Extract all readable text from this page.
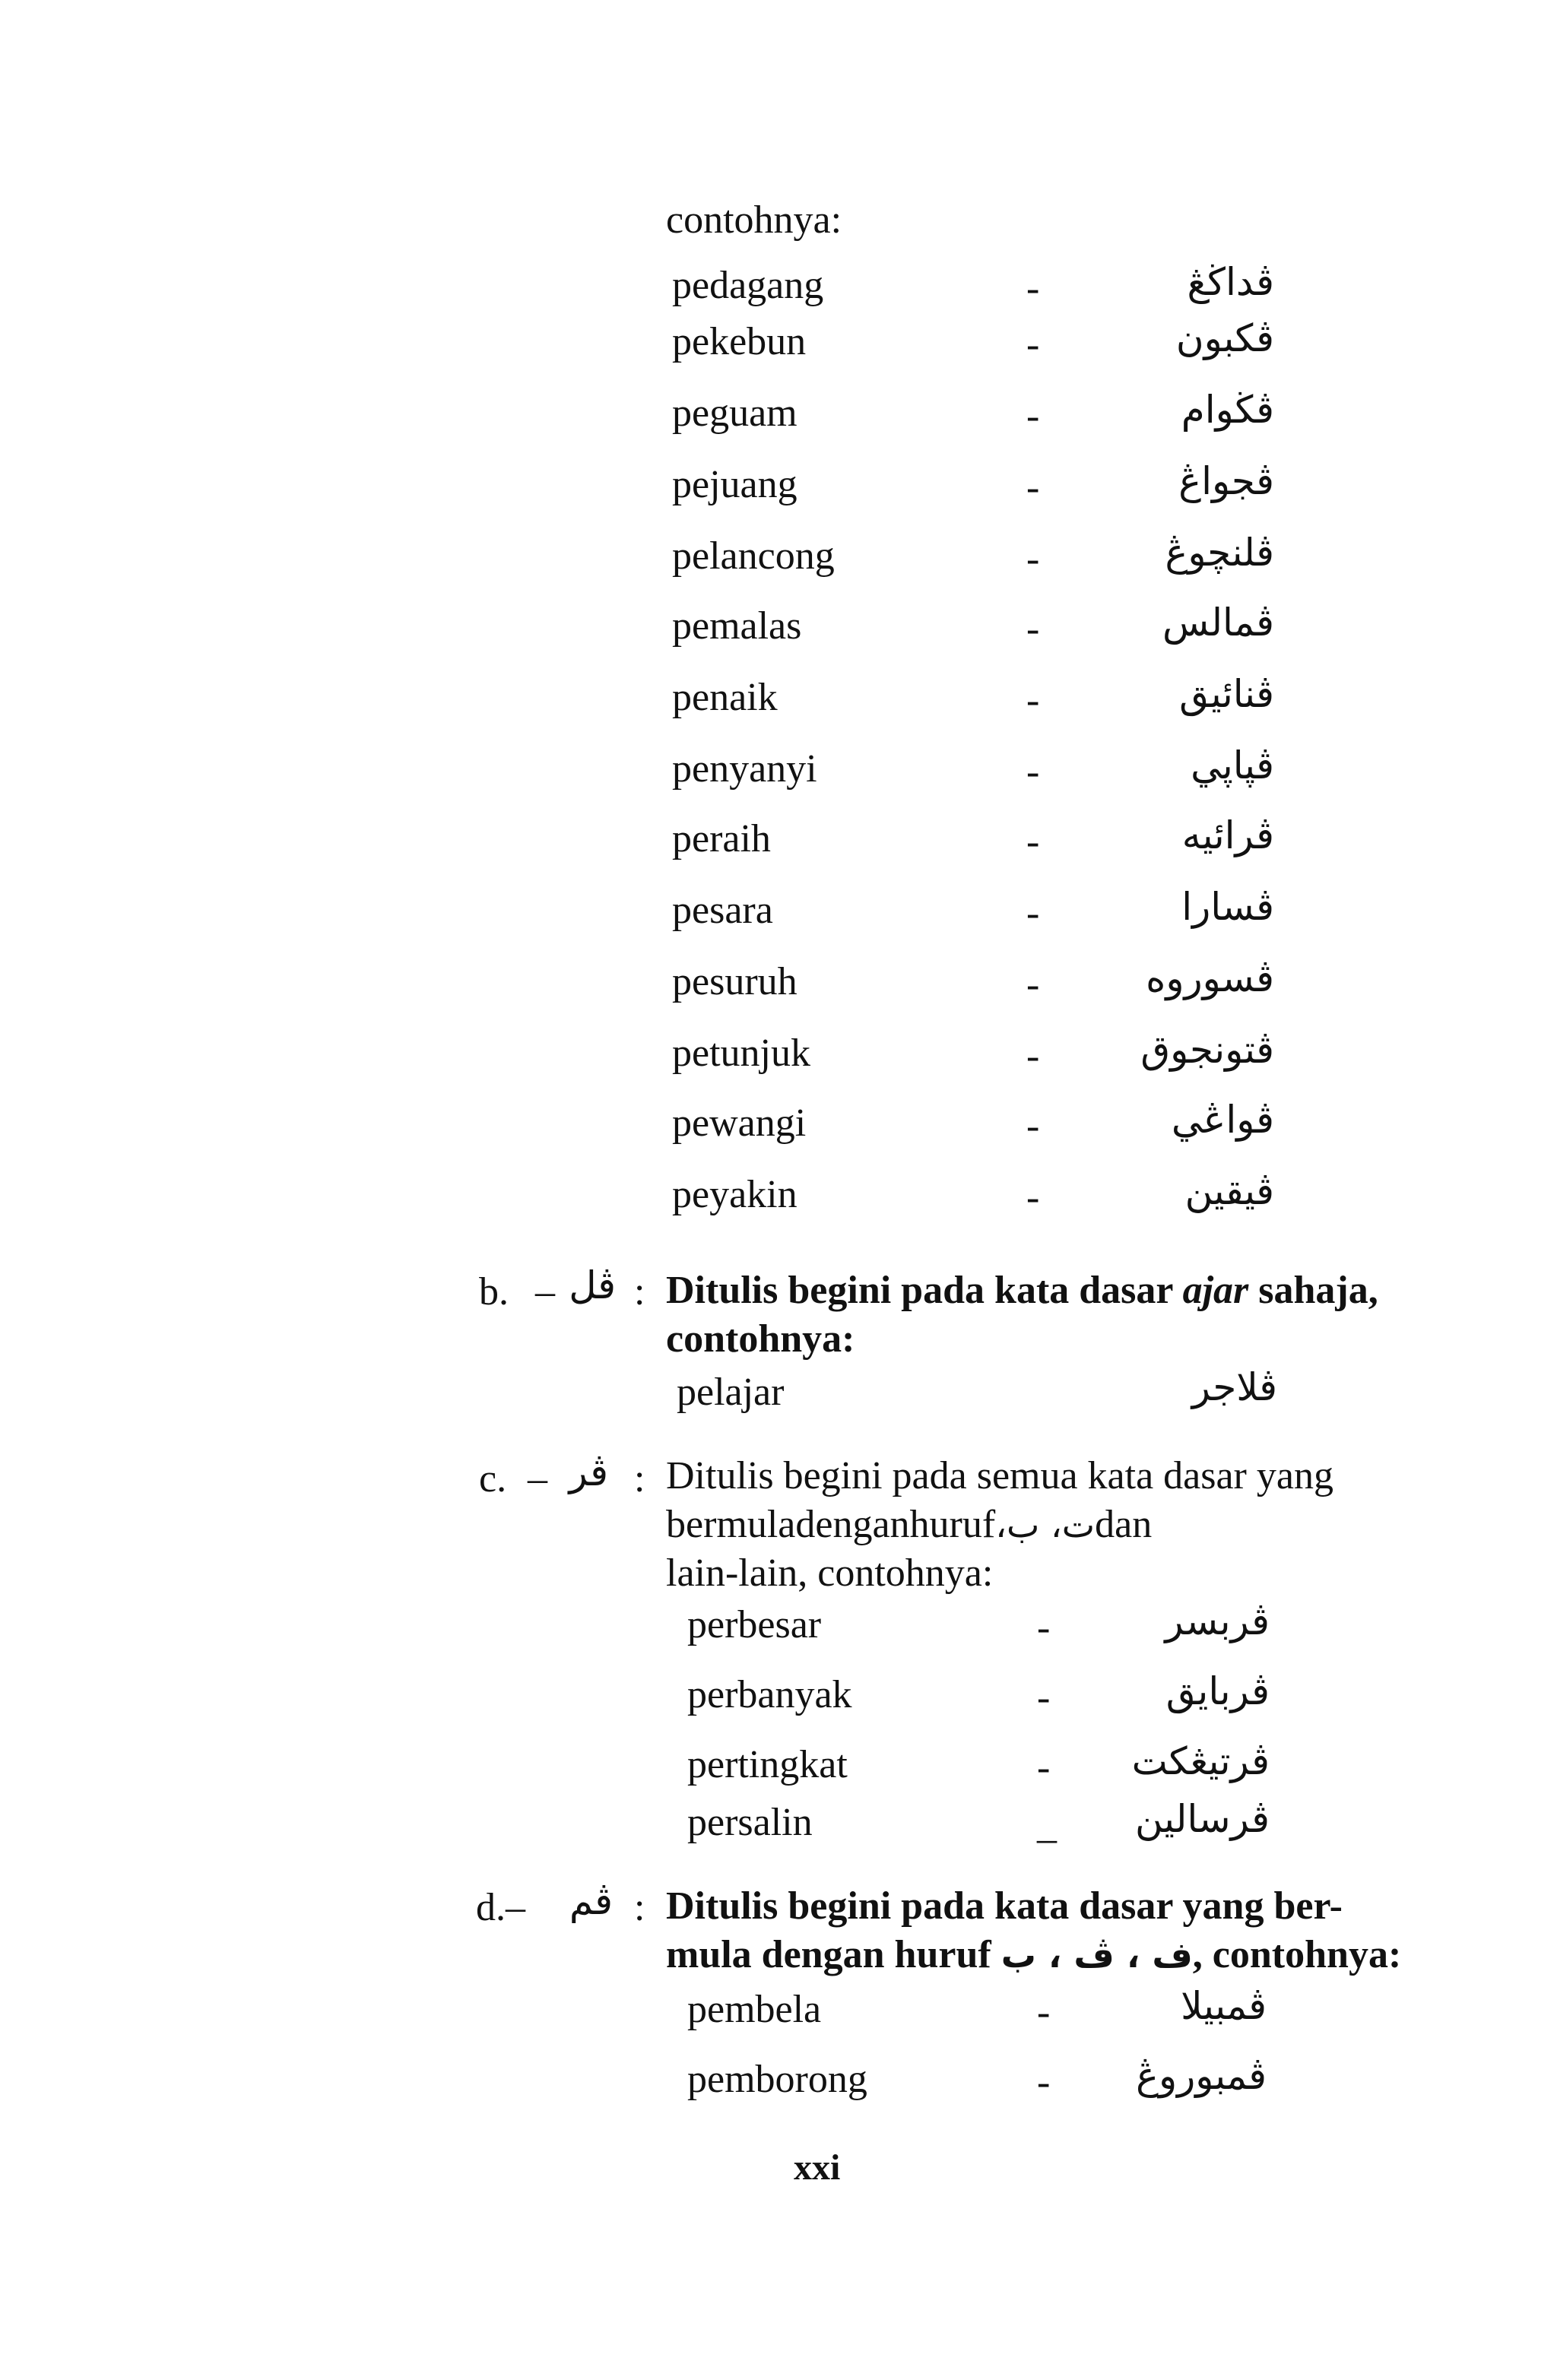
contohnya:
pedagang	-	ڤداڬڠ
pekebun	-	ڤکبون
peguam	-	ڤڬوام
pejuang	-	ڤجواڠ
pelancong	-	ڤلنچوڠ
pemalas	-	ڤمالس
penaik	-	ڤنائيق
penyanyi	-	ڤڽاڽي
peraih	-	ڤرائيه
pesara	-	ڤسارا
pesuruh	-	ڤسوروه
petunjuk	-	ڤتونجوق
pewangi	-	ڤواڠي
peyakin	-	ڤيقين
b. – ڤل : Ditulis begini pada kata dasar ajar sahaja,
contohnya:
pelajar	ڤلاجر
c. – ڤر : Ditulis begini pada semua kata dasar yang
bermuladenganhurufت، ب،dan
lain-lain, contohnya:
perbesar	-	ڤربسر
perbanyak	-	ڤربايق
pertingkat	-	ڤرتيڠکت
persalin	_	ڤرسالين
d.–	ڤم : Ditulis begini pada kata dasar yang ber-
mula dengan huruf ف ، ڤ ، ب, contohnya:
pembela	-	ڤمبيلا
pemborong	-	ڤمبوروڠ
xxi
